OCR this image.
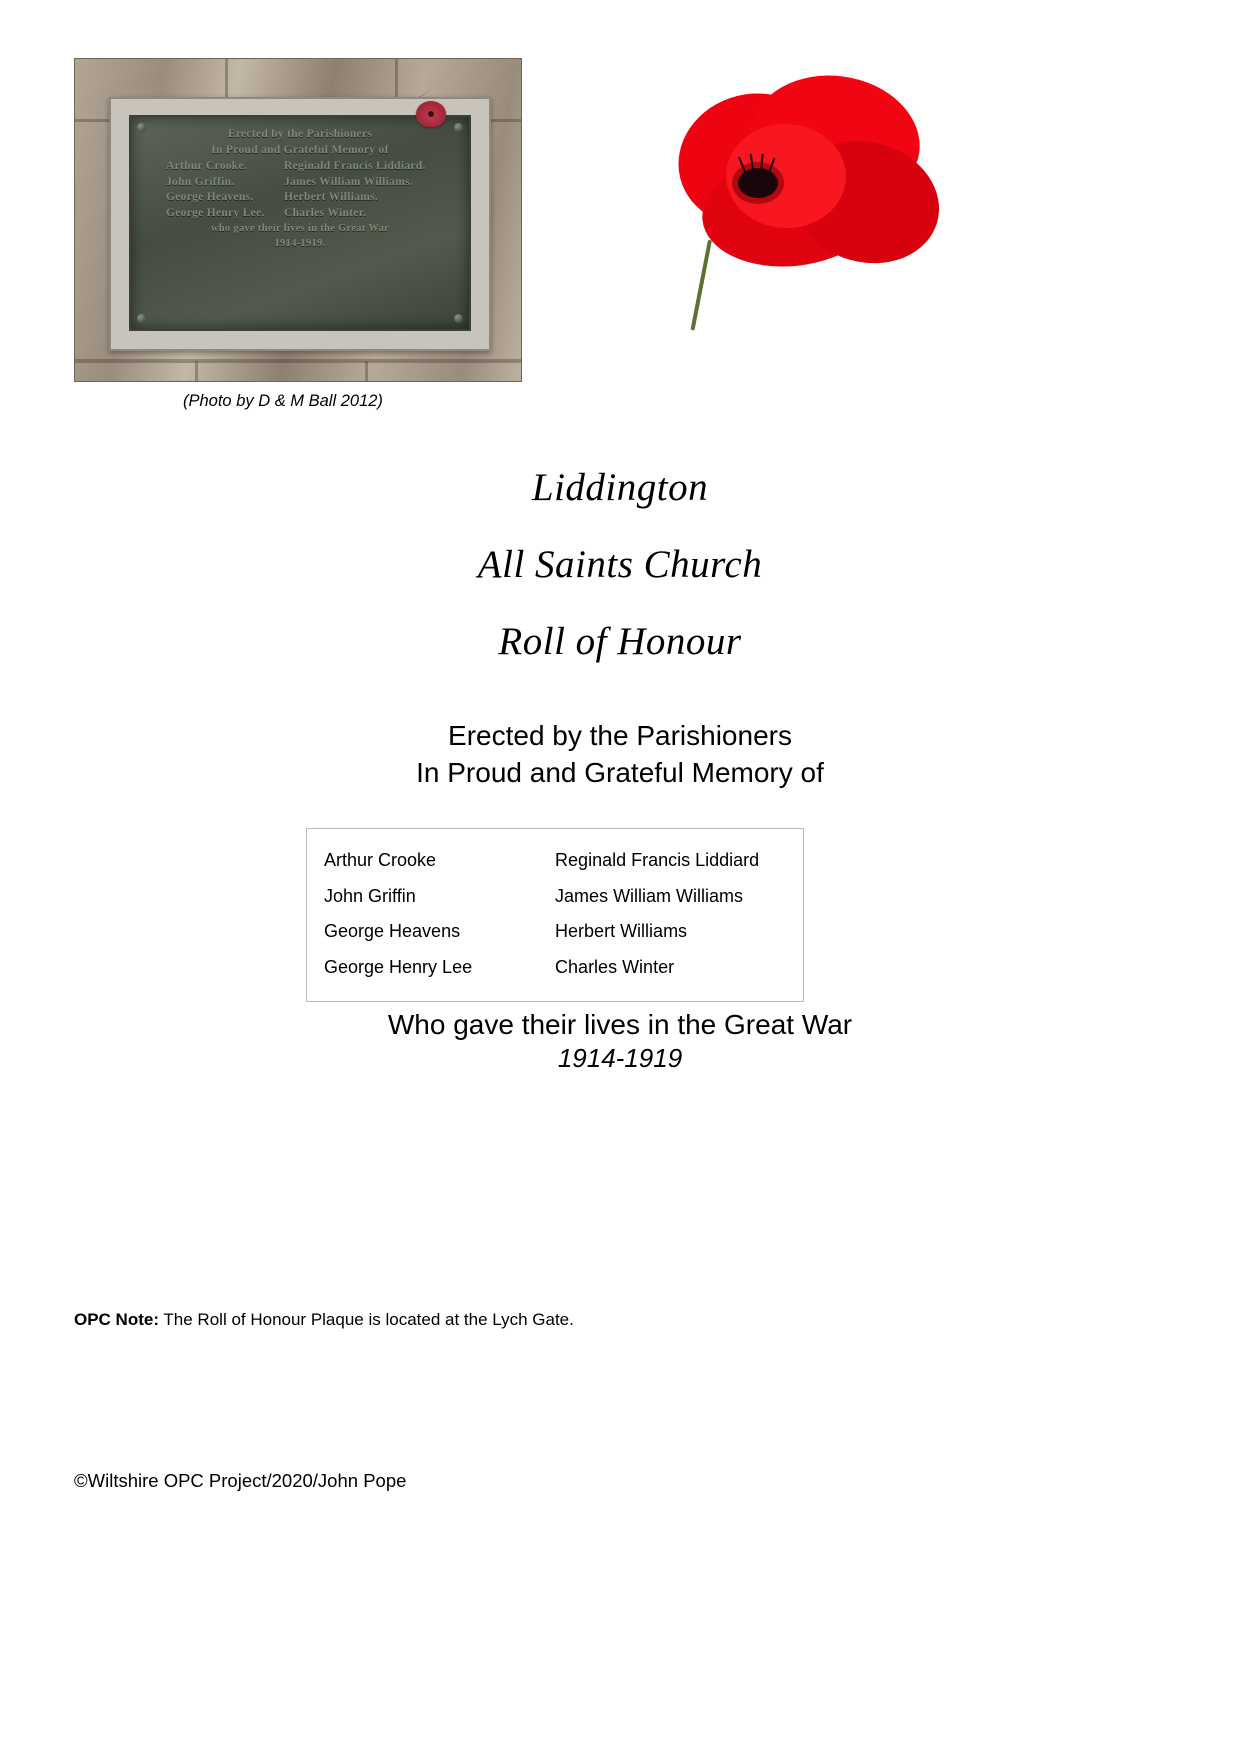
Erected by the Parishioners
In Proud and Grateful Memory of
Arthur Crooke.	Reginald Francis Liddiard.
John Griffin.	James William Williams.
George Heavens.	Herbert Williams.
George Henry Lee. Charles Winter.
who gave their lives in the Great War
1914-1919.
(Photo by D & M Ball 2012)
Liddington
All Saints Church
Roll of Honour
Erected by the Parishioners
In Proud and Grateful Memory of
Arthur Crooke	Reginald Francis Liddiard
John Griffin	James William Williams
George Heavens	Herbert Williams
George Henry Lee	Charles Winter
Who gave their lives in the Great War
1914-1919
OPC Note: The Roll of Honour Plaque is located at the Lych Gate.
©Wiltshire OPC Project/2020/John Pope
